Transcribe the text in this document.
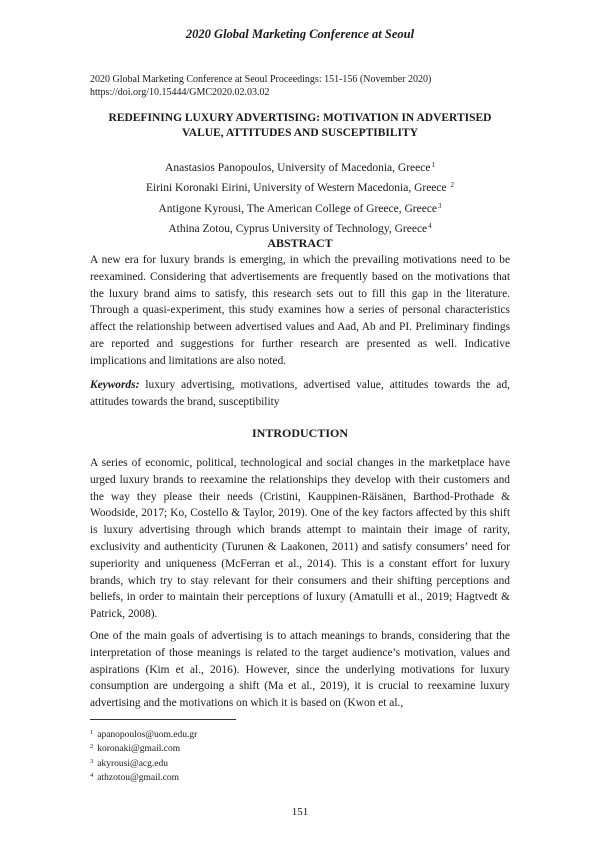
2020 Global Marketing Conference at Seoul
2020 Global Marketing Conference at Seoul Proceedings: 151-156 (November 2020)
https://doi.org/10.15444/GMC2020.02.03.02
REDEFINING LUXURY ADVERTISING: MOTIVATION IN ADVERTISED VALUE, ATTITUDES AND SUSCEPTIBILITY
Anastasios Panopoulos, University of Macedonia, Greece$^1$
Eirini Koronaki Eirini, University of Western Macedonia, Greece $^2$
Antigone Kyrousi, The American College of Greece, Greece$^3$
Athina Zotou, Cyprus University of Technology, Greece$^4$
ABSTRACT
A new era for luxury brands is emerging, in which the prevailing motivations need to be reexamined. Considering that advertisements are frequently based on the motivations that the luxury brand aims to satisfy, this research sets out to fill this gap in the literature. Through a quasi-experiment, this study examines how a series of personal characteristics affect the relationship between advertised values and Aad, Ab and PI. Preliminary findings are reported and suggestions for further research are presented as well. Indicative implications and limitations are also noted.
Keywords: luxury advertising, motivations, advertised value, attitudes towards the ad, attitudes towards the brand, susceptibility
INTRODUCTION
A series of economic, political, technological and social changes in the marketplace have urged luxury brands to reexamine the relationships they develop with their customers and the way they please their needs (Cristini, Kauppinen-Räisänen, Barthod-Prothade & Woodside, 2017; Ko, Costello & Taylor, 2019). One of the key factors affected by this shift is luxury advertising through which brands attempt to maintain their image of rarity, exclusivity and authenticity (Turunen & Laakonen, 2011) and satisfy consumers’ need for superiority and uniqueness (McFerran et al., 2014). This is a constant effort for luxury brands, which try to stay relevant for their consumers and their shifting perceptions and beliefs, in order to maintain their perceptions of luxury (Amatulli et al., 2019; Hagtvedt & Patrick, 2008).
One of the main goals of advertising is to attach meanings to brands, considering that the interpretation of those meanings is related to the target audience’s motivation, values and aspirations (Kim et al., 2016). However, since the underlying motivations for luxury consumption are undergoing a shift (Ma et al., 2019), it is crucial to reexamine luxury advertising and the motivations on which it is based on (Kwon et al.,
$^1$ apanopoulos@uom.edu.gr
$^2$ koronaki@gmail.com
$^3$ akyrousi@acg.edu
$^4$ athzotou@gmail.com
151
